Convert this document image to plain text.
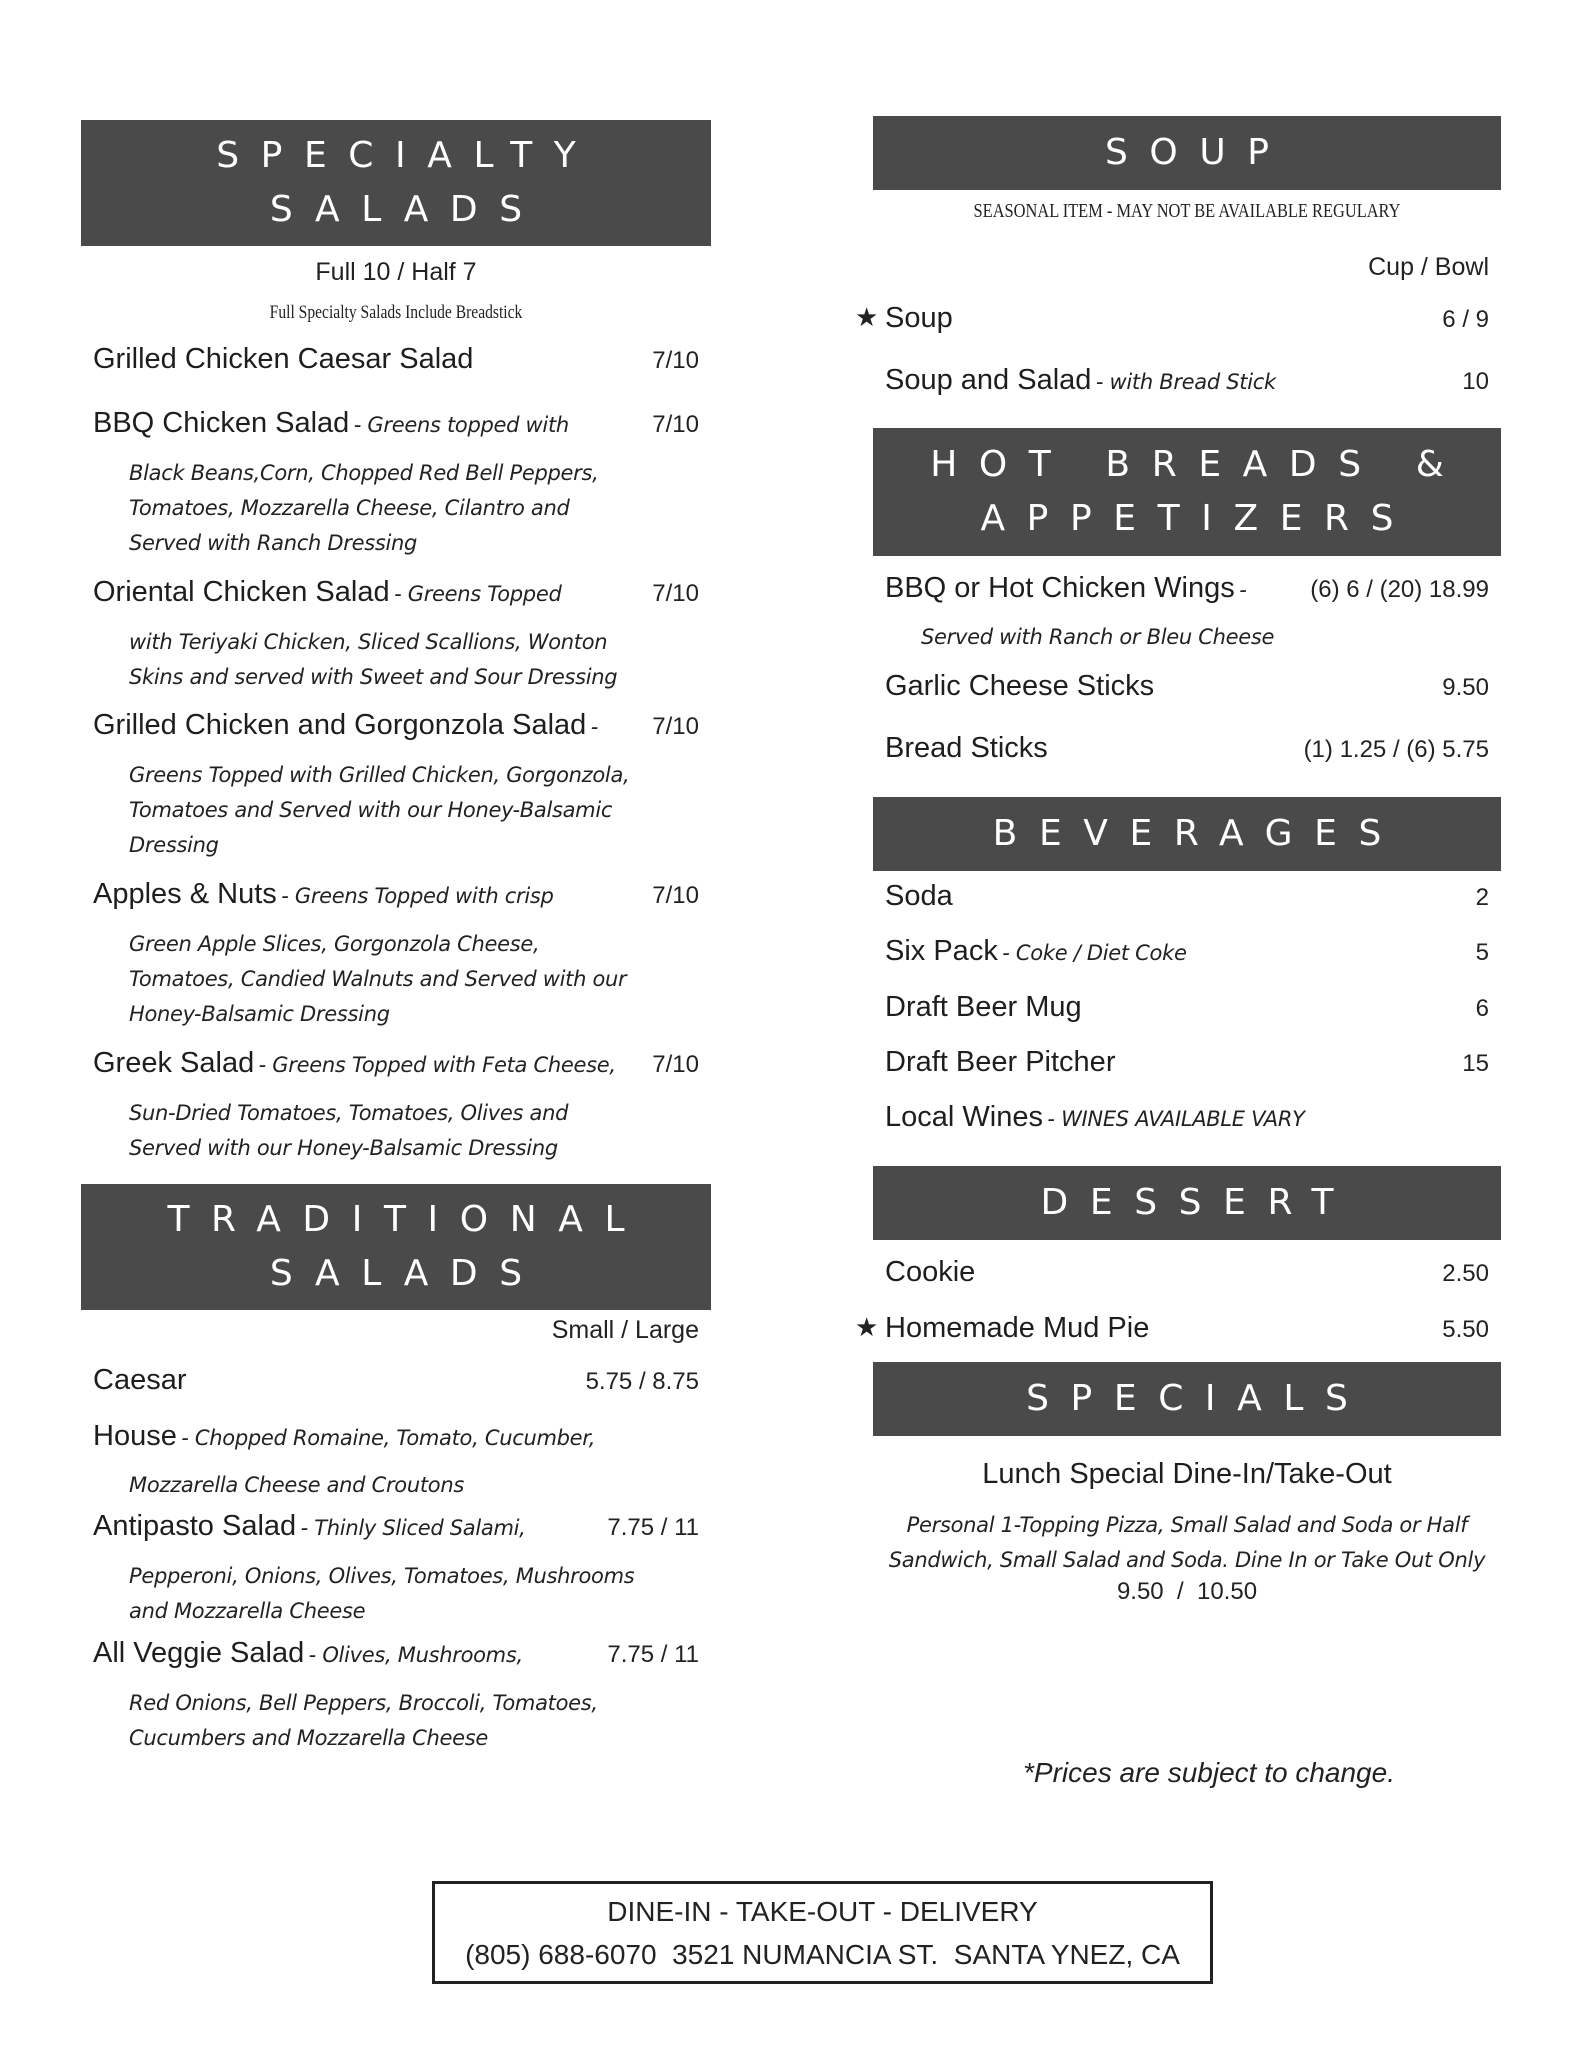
SPECIALTY
SALADS
Full 10 / Half 7
Full Specialty Salads Include Breadstick
Grilled Chicken Caesar Salad	7/10
BBQ Chicken Salad
- Greens topped with	7/10
Black Beans,Corn, Chopped Red Bell Peppers,
Tomatoes, Mozzarella Cheese, Cilantro and
Served with Ranch Dressing
Oriental Chicken Salad
- Greens Topped	7/10
with Teriyaki Chicken, Sliced Scallions, Wonton
Skins and served with Sweet and Sour Dressing
Grilled Chicken and Gorgonzola Salad
- 7/10
Greens Topped with Grilled Chicken, Gorgonzola,
Tomatoes and Served with our Honey-Balsamic
Dressing
Apples & Nuts
- Greens Topped with crisp	7/10
Green Apple Slices, Gorgonzola Cheese,
Tomatoes, Candied Walnuts and Served with our
Honey-Balsamic Dressing
Greek Salad
- Greens Topped with Feta Cheese, 7/10
Sun-Dried Tomatoes, Tomatoes, Olives and
Served with our Honey-Balsamic Dressing
TRADITIONAL
SALADS
Small / Large
Caesar	5.75 / 8.75
House
- Chopped Romaine, Tomato, Cucumber,
Mozzarella Cheese and Croutons
Antipasto Salad
- Thinly Sliced Salami,	7.75 / 11
Pepperoni, Onions, Olives, Tomatoes, Mushrooms
and Mozzarella Cheese
All Veggie Salad
- Olives, Mushrooms,	7.75 / 11
Red Onions, Bell Peppers, Broccoli, Tomatoes,
Cucumbers and Mozzarella Cheese
SOUP
SEASONAL ITEM - MAY NOT BE AVAILABLE REGULARY
Cup / Bowl
★ Soup	6 / 9
Soup and Salad
- with Bread Stick	10
HOT BREADS &
APPETIZERS
BBQ or Hot Chicken Wings
-	(6) 6 / (20) 18.99
Served with Ranch or Bleu Cheese
Garlic Cheese Sticks	9.50
Bread Sticks	(1) 1.25 / (6) 5.75
BEVERAGES
Soda	2
Six Pack
- Coke / Diet Coke	5
Draft Beer Mug	6
Draft Beer Pitcher	15
Local Wines
- WINES AVAILABLE VARY
DESSERT
Cookie	2.50
★ Homemade Mud Pie	5.50
SPECIALS
Lunch Special Dine-In/Take-Out
Personal 1-Topping Pizza, Small Salad and Soda or Half
Sandwich, Small Salad and Soda. Dine In or Take Out Only
9.50  /  10.50
*Prices are subject to change.
DINE-IN - TAKE-OUT - DELIVERY
(805) 688-6070  3521 NUMANCIA ST.  SANTA YNEZ, CA
